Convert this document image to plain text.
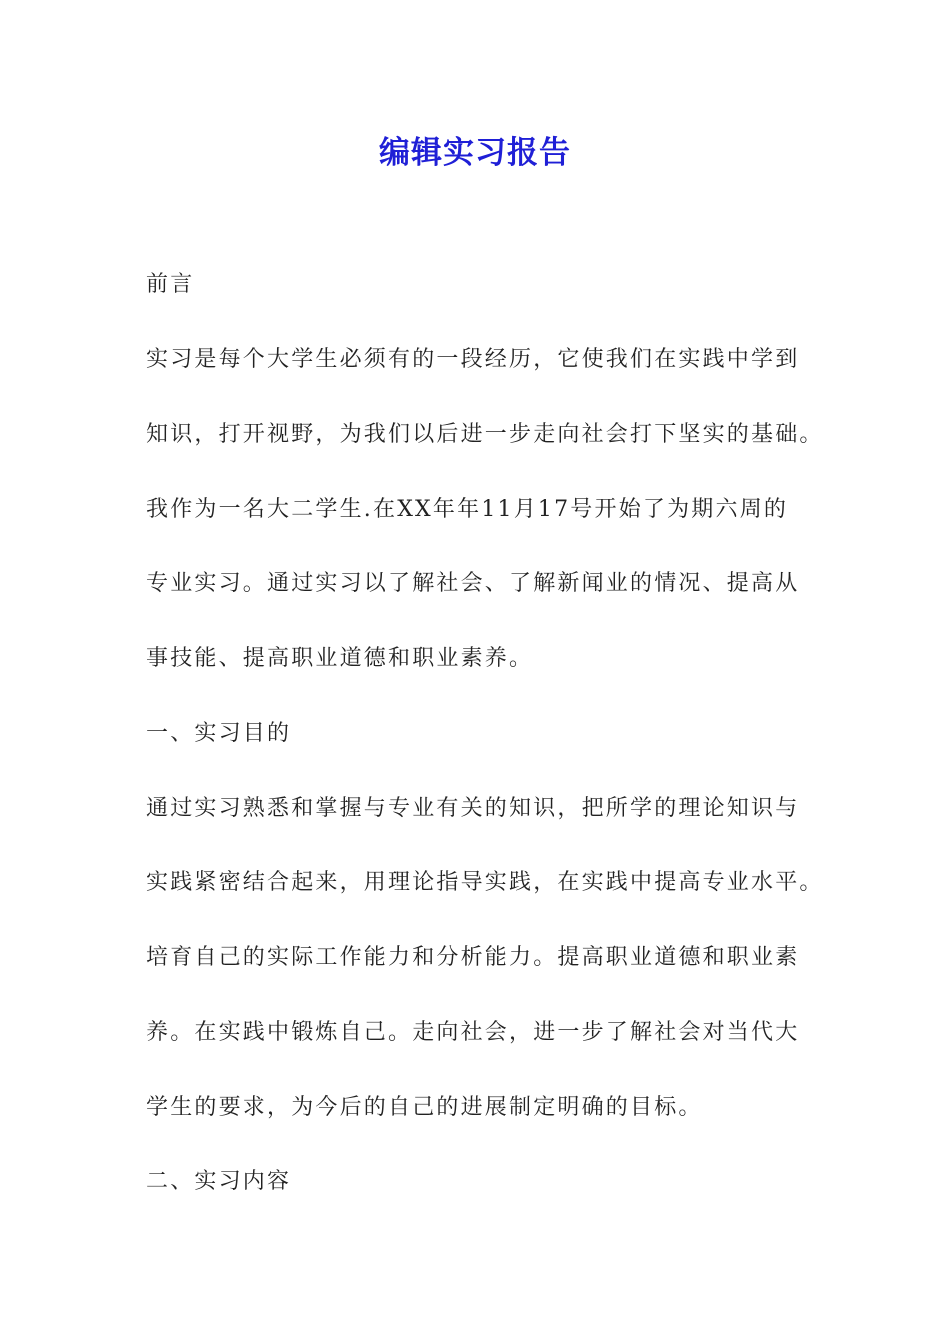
编辑实习报告
前言
实习是每个大学生必须有的一段经历，它使我们在实践中学到
知识，打开视野，为我们以后进一步走向社会打下坚实的基础。
我作为一名大二学生.在XX年年11月17号开始了为期六周的
专业实习。通过实习以了解社会、了解新闻业的情况、提高从
事技能、提高职业道德和职业素养。
一、实习目的
通过实习熟悉和掌握与专业有关的知识，把所学的理论知识与
实践紧密结合起来，用理论指导实践，在实践中提高专业水平。
培育自己的实际工作能力和分析能力。提高职业道德和职业素
养。在实践中锻炼自己。走向社会，进一步了解社会对当代大
学生的要求，为今后的自己的进展制定明确的目标。
二、实习内容
